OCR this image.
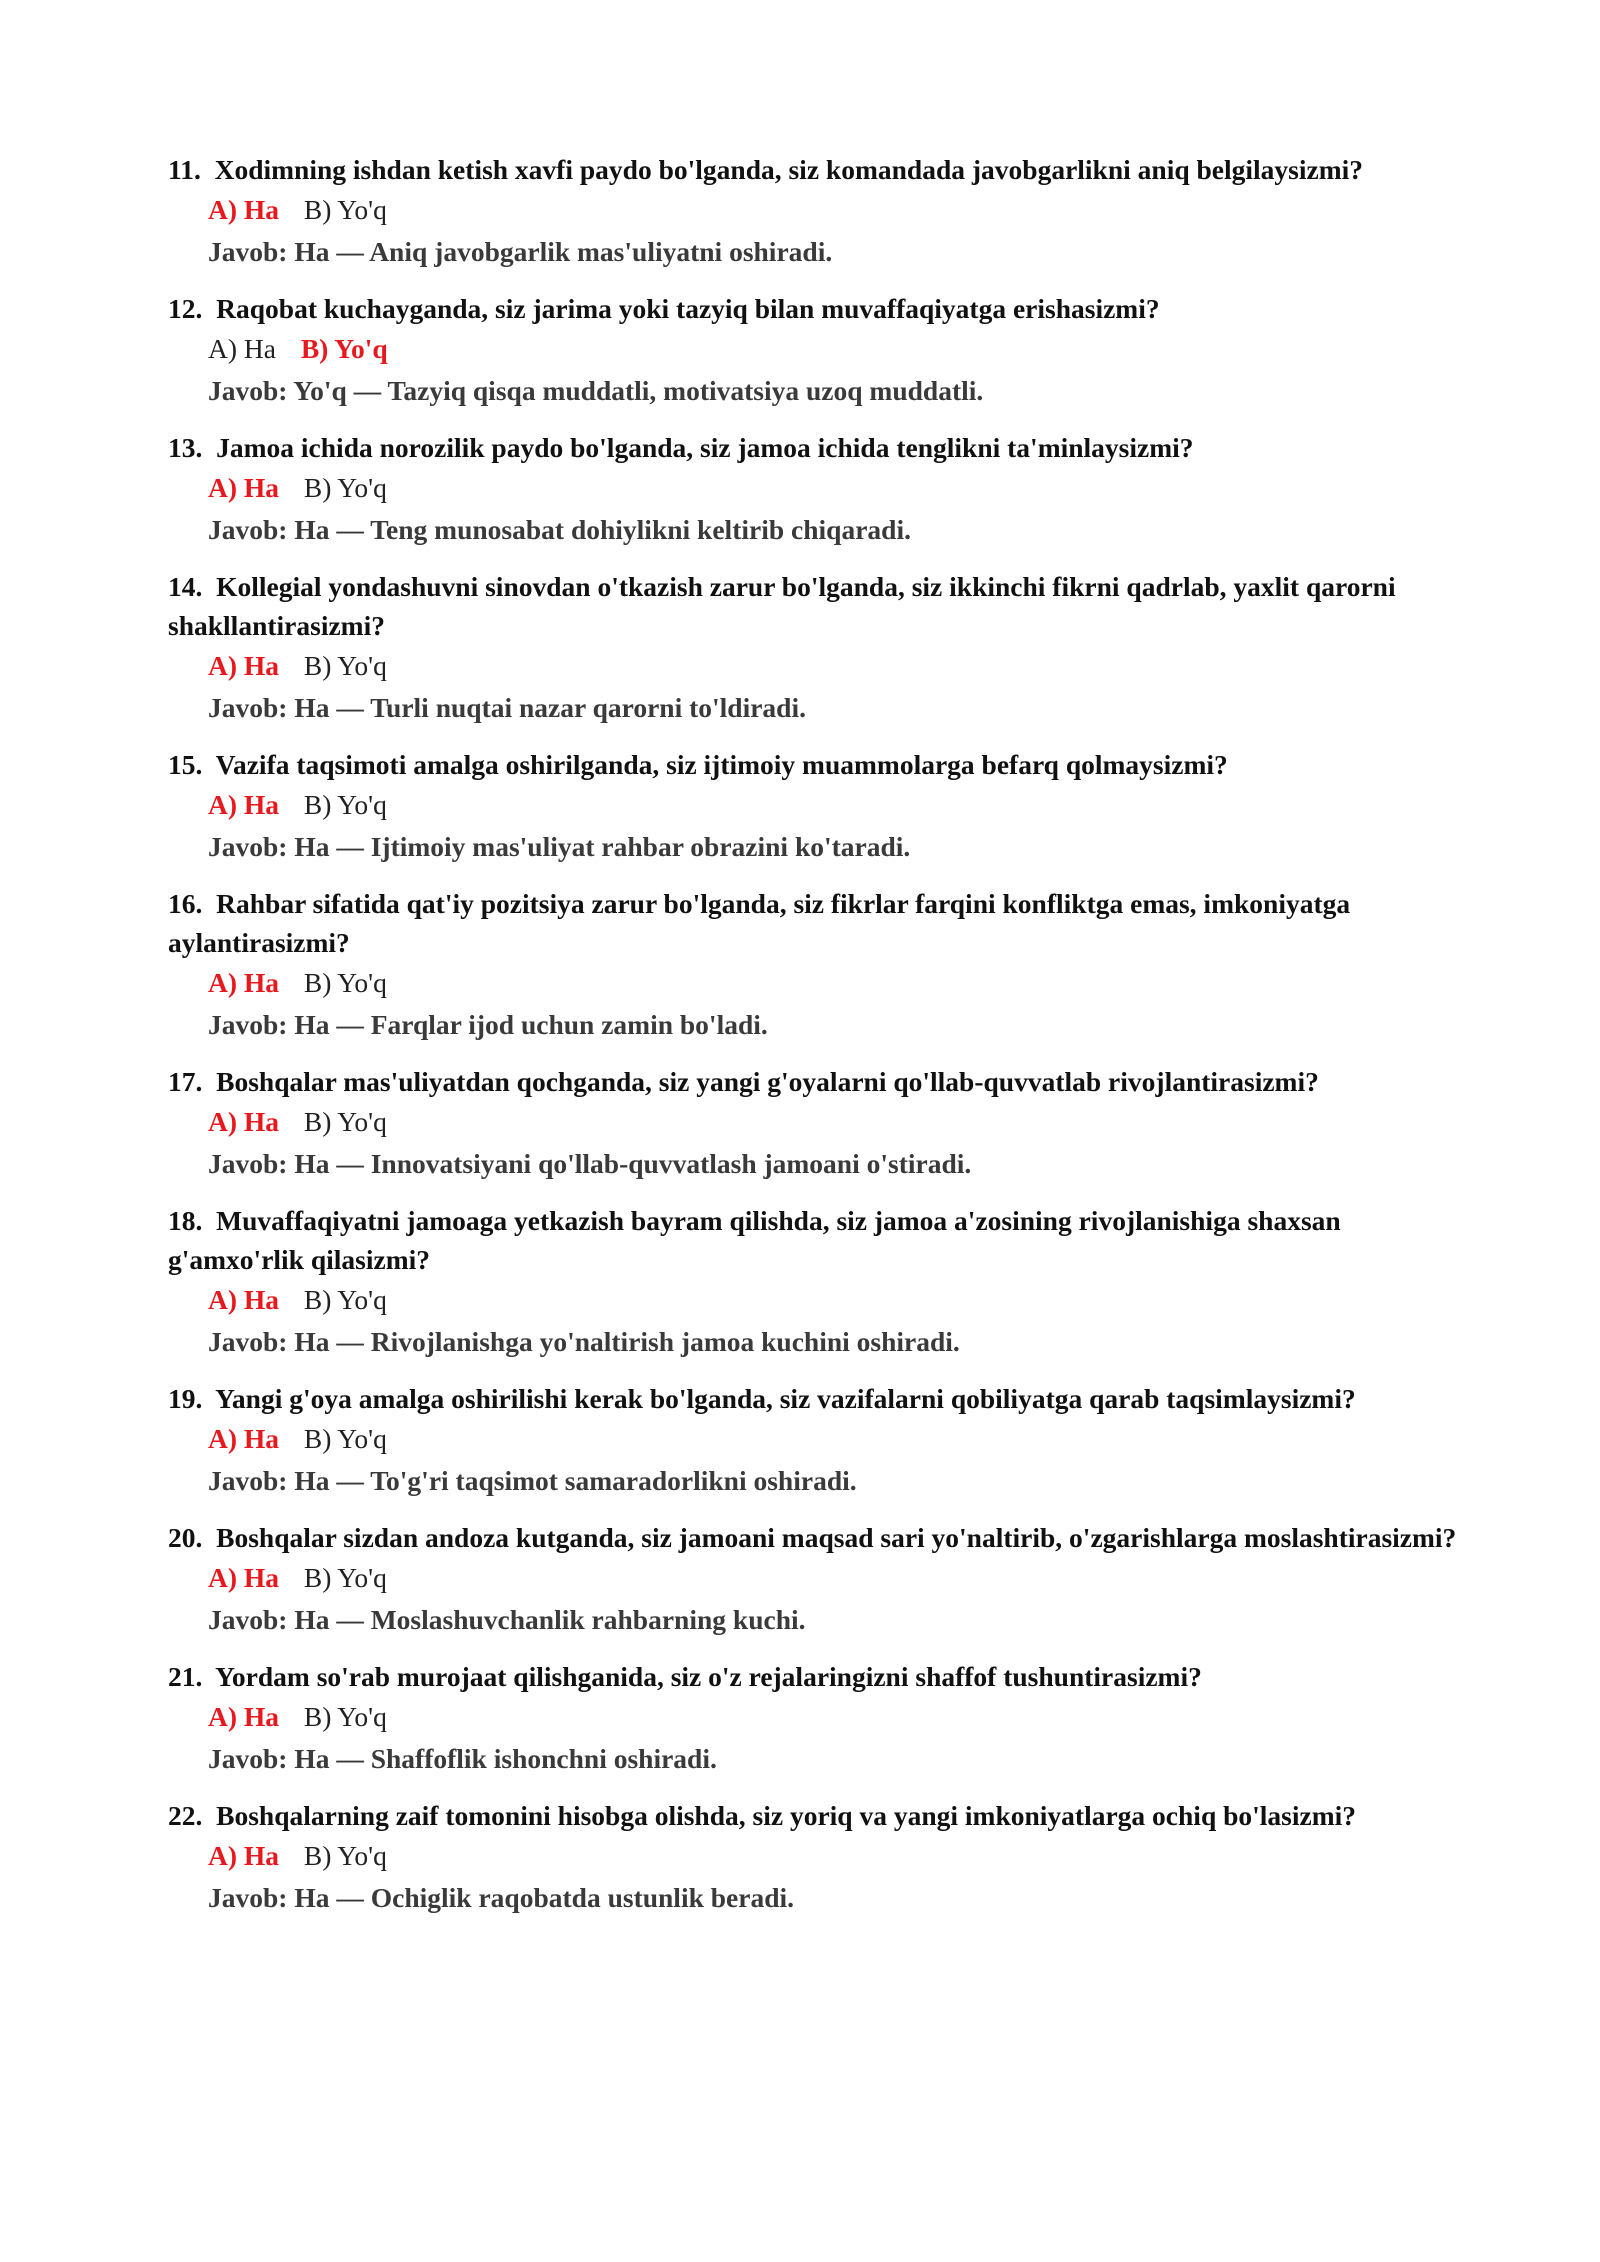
11. Xodimning ishdan ketish xavfi paydo bo'lganda, siz komandada javobgarlikni aniq belgilaysizmi?

A) Ha B) Yo'q
Javob: Ha — Aniq javobgarlik mas'uliyatni oshiradi.

12. Raqobat kuchayganda, siz jarima yoki tazyiq bilan muvaffaqiyatga erishasizmi?

A) Ha B) Yo'q
Javob: Yo'q — Tazyiq qisqa muddatli, motivatsiya uzoq muddatli.

13. Jamoa ichida norozilik paydo bo'lganda, siz jamoa ichida tenglikni ta'minlaysizmi?

A) Ha B) Yo'q
Javob: Ha — Teng munosabat dohiylikni keltirib chiqaradi.

14. Kollegial yondashuvni sinovdan o'tkazish zarur bo'lganda, siz ikkinchi fikrni qadrlab, yaxlit qarorni shakllantirasizmi?

A) Ha B) Yo'q
Javob: Ha — Turli nuqtai nazar qarorni to'ldiradi.

15. Vazifa taqsimoti amalga oshirilganda, siz ijtimoiy muammolarga befarq qolmaysizmi?

A) Ha B) Yo'q
Javob: Ha — Ijtimoiy mas'uliyat rahbar obrazini ko'taradi.

16. Rahbar sifatida qat'iy pozitsiya zarur bo'lganda, siz fikrlar farqini konfliktga emas, imkoniyatga aylantirasizmi?

A) Ha B) Yo'q
Javob: Ha — Farqlar ijod uchun zamin bo'ladi.

17. Boshqalar mas'uliyatdan qochganda, siz yangi g'oyalarni qo'llab-quvvatlab rivojlantirasizmi?

A) Ha B) Yo'q
Javob: Ha — Innovatsiyani qo'llab-quvvatlash jamoani o'stiradi.

18. Muvaffaqiyatni jamoaga yetkazish bayram qilishda, siz jamoa a'zosining rivojlanishiga shaxsan g'amxo'rlik qilasizmi?

A) Ha B) Yo'q
Javob: Ha — Rivojlanishga yo'naltirish jamoa kuchini oshiradi.

19. Yangi g'oya amalga oshirilishi kerak bo'lganda, siz vazifalarni qobiliyatga qarab taqsimlaysizmi?

A) Ha B) Yo'q
Javob: Ha — To'g'ri taqsimot samaradorlikni oshiradi.

20. Boshqalar sizdan andoza kutganda, siz jamoani maqsad sari yo'naltirib, o'zgarishlarga moslashtirasizmi?

A) Ha B) Yo'q
Javob: Ha — Moslashuvchanlik rahbarning kuchi.

21. Yordam so'rab murojaat qilishganida, siz o'z rejalaringizni shaffof tushuntirasizmi?

A) Ha B) Yo'q
Javob: Ha — Shaffoflik ishonchni oshiradi.

22. Boshqalarning zaif tomonini hisobga olishda, siz yoriq va yangi imkoniyatlarga ochiq bo'lasizmi?

A) Ha B) Yo'q
Javob: Ha — Ochiglik raqobatda ustunlik beradi.
